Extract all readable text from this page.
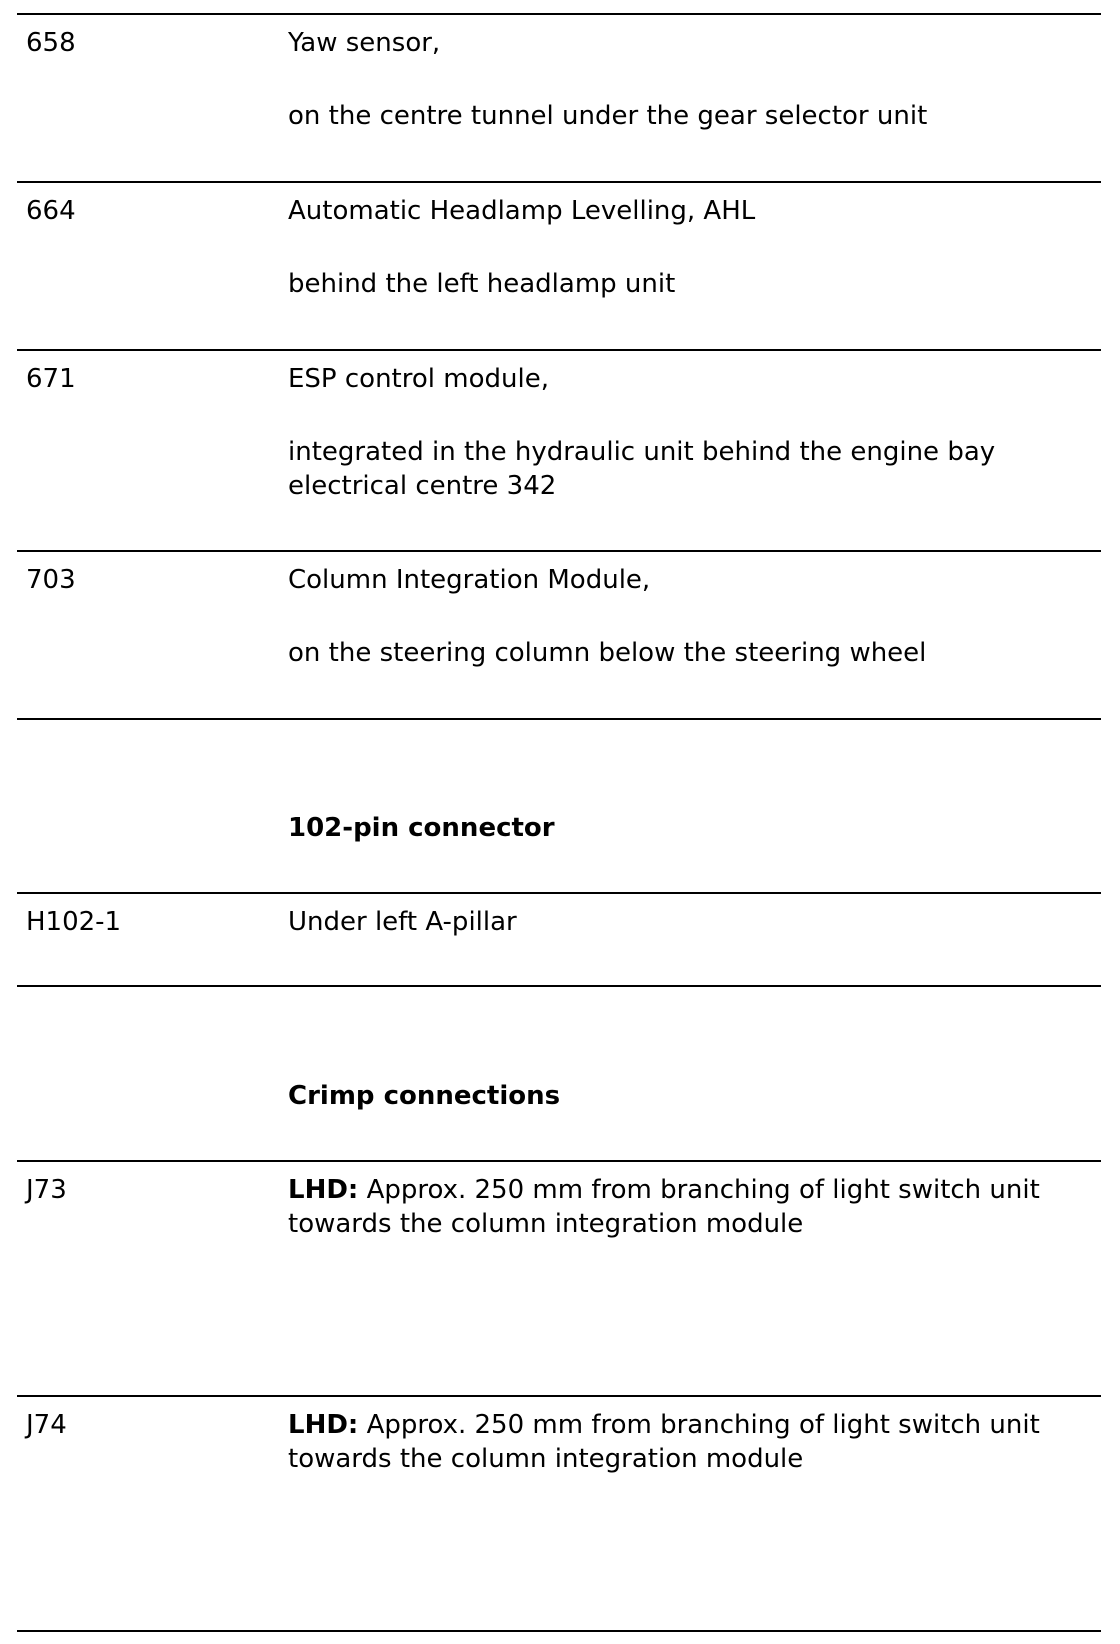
658	Yaw sensor,
on the centre tunnel under the gear selector unit
664	Automatic Headlamp Levelling, AHL
behind the left headlamp unit
671	ESP control module,
integrated in the hydraulic unit behind the engine bay electrical centre 342
703	Column Integration Module,
on the steering column below the steering wheel
102-pin connector
H102-1	Under left A-pillar
Crimp connections
J73	LHD: Approx. 250 mm from branching of light switch unit towards the column integration module
J74	LHD: Approx. 250 mm from branching of light switch unit towards the column integration module
